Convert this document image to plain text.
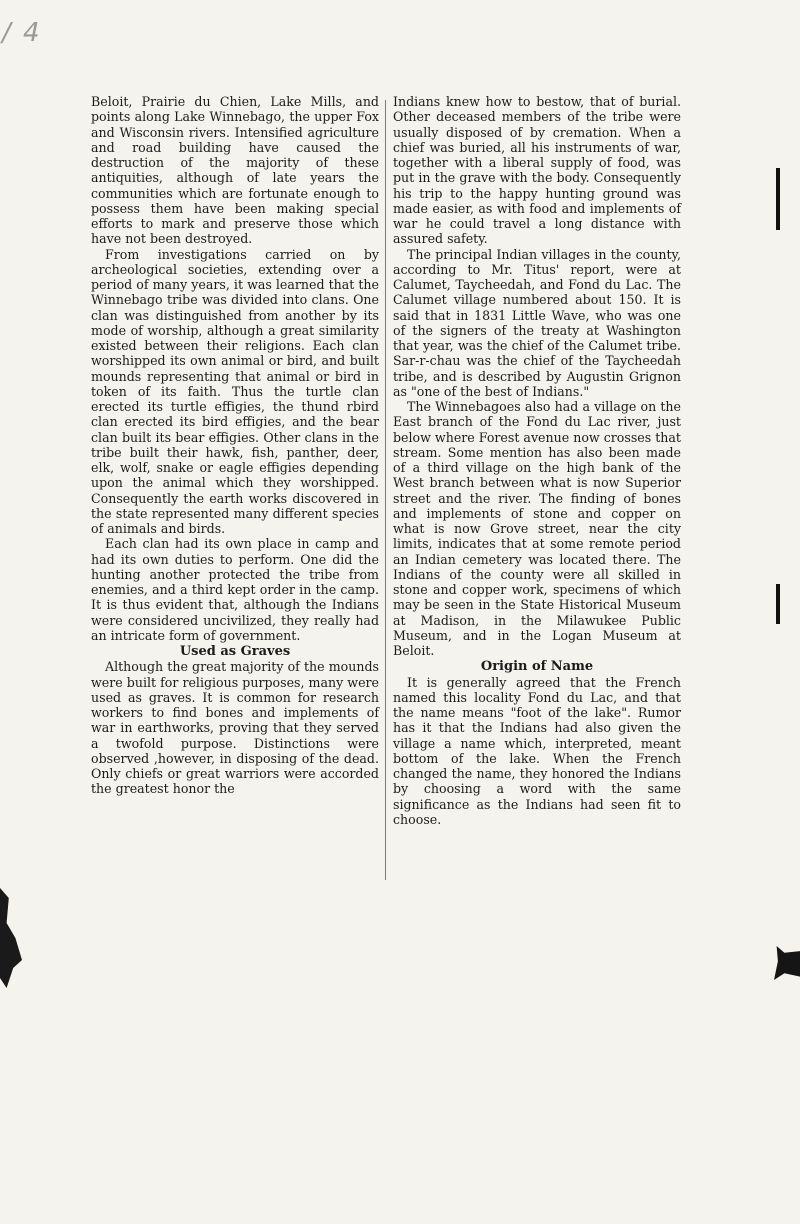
/ 4

Beloit, Prairie du Chien, Lake Mills, and points along Lake Winnebago, the upper Fox and Wisconsin rivers. Intensified agriculture and road building have caused the destruction of the majority of these antiquities, although of late years the communities which are fortunate enough to possess them have been making special efforts to mark and preserve those which have not been destroyed.

From investigations carried on by archeological societies, extending over a period of many years, it was learned that the Winnebago tribe was divided into clans. One clan was distinguished from another by its mode of worship, although a great similarity existed between their religions. Each clan worshipped its own animal or bird, and built mounds representing that animal or bird in token of its faith. Thus the turtle clan erected its turtle effigies, the thund rbird clan erected its bird effigies, and the bear clan built its bear effigies. Other clans in the tribe built their hawk, fish, panther, deer, elk, wolf, snake or eagle effigies depending upon the animal which they worshipped. Consequently the earth works discovered in the state represented many different species of animals and birds.

Each clan had its own place in camp and had its own duties to perform. One did the hunting another protected the tribe from enemies, and a third kept order in the camp. It is thus evident that, although the Indians were considered uncivilized, they really had an intricate form of government.

Used as Graves

Although the great majority of the mounds were built for religious purposes, many were used as graves. It is common for research workers to find bones and implements of war in earthworks, proving that they served a twofold purpose. Distinctions were observed ,however, in disposing of the dead. Only chiefs or great warriors were accorded the greatest honor the

Indians knew how to bestow, that of burial. Other deceased members of the tribe were usually disposed of by cremation. When a chief was buried, all his instruments of war, together with a liberal supply of food, was put in the grave with the body. Consequently his trip to the happy hunting ground was made easier, as with food and implements of war he could travel a long distance with assured safety.

The principal Indian villages in the county, according to Mr. Titus' report, were at Calumet, Taycheedah, and Fond du Lac. The Calumet village numbered about 150. It is said that in 1831 Little Wave, who was one of the signers of the treaty at Washington that year, was the chief of the Calumet tribe. Sar-r-chau was the chief of the Taycheedah tribe, and is described by Augustin Grignon as "one of the best of Indians."

The Winnebagoes also had a village on the East branch of the Fond du Lac river, just below where Forest avenue now crosses that stream. Some mention has also been made of a third village on the high bank of the West branch between what is now Superior street and the river. The finding of bones and implements of stone and copper on what is now Grove street, near the city limits, indicates that at some remote period an Indian cemetery was located there. The Indians of the county were all skilled in stone and copper work, specimens of which may be seen in the State Historical Museum at Madison, in the Milawukee Public Museum, and in the Logan Museum at Beloit.

Origin of Name

It is generally agreed that the French named this locality Fond du Lac, and that the name means "foot of the lake". Rumor has it that the Indians had also given the village a name which, interpreted, meant bottom of the lake. When the French changed the name, they honored the Indians by choosing a word with the same significance as the Indians had seen fit to choose.
